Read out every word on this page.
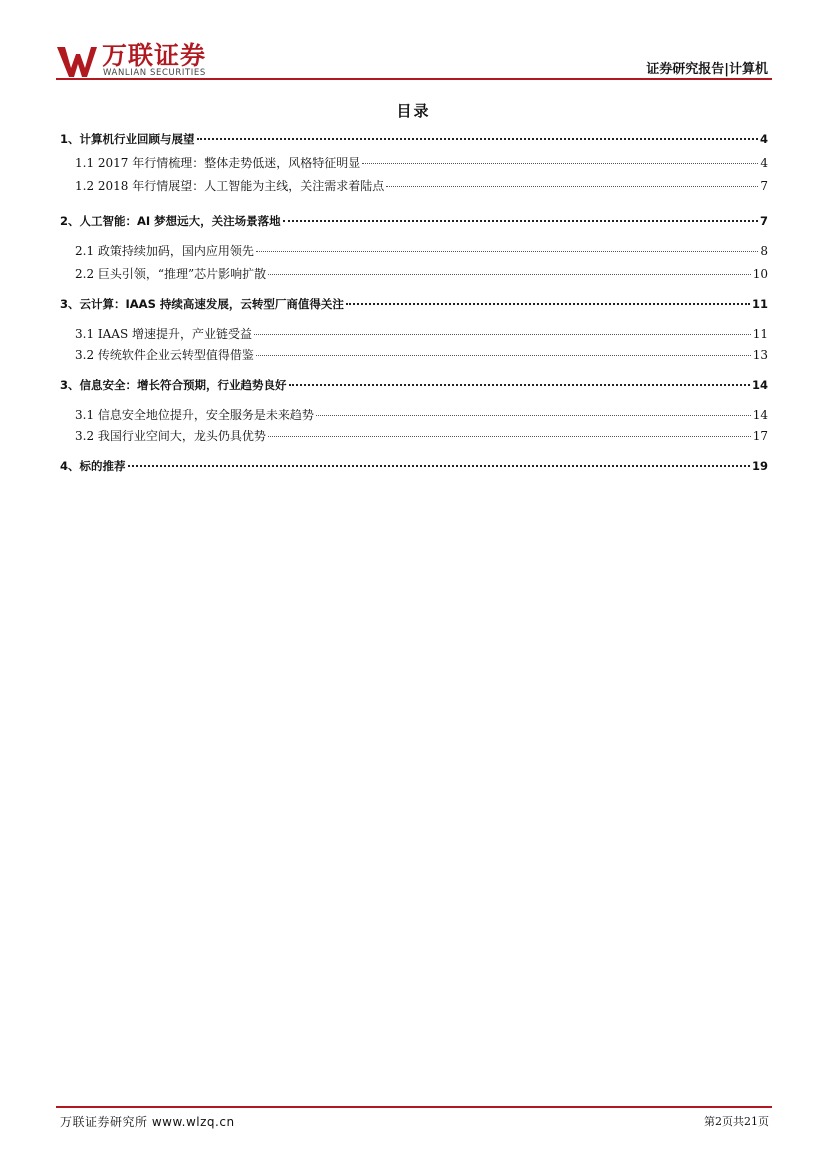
万联证券
WANLIAN SECURITIES	证券研究报告|计算机
目录
1、计算机行业回顾与展望	4
1.1 2017 年行情梳理：整体走势低迷，风格特征明显	4
1.2 2018 年行情展望：人工智能为主线，关注需求着陆点	7
2、人工智能：AI 梦想远大，关注场景落地	7
2.1 政策持续加码，国内应用领先	8
2.2 巨头引领，“推理”芯片影响扩散	10
3、云计算：IAAS 持续高速发展，云转型厂商值得关注	11
3.1 IAAS 增速提升，产业链受益	11
3.2 传统软件企业云转型值得借鉴	13
3、信息安全：增长符合预期，行业趋势良好	14
3.1 信息安全地位提升，安全服务是未来趋势	14
3.2 我国行业空间大，龙头仍具优势	17
4、标的推荐	19
万联证券研究所 www.wlzq.cn	第2页共21页
